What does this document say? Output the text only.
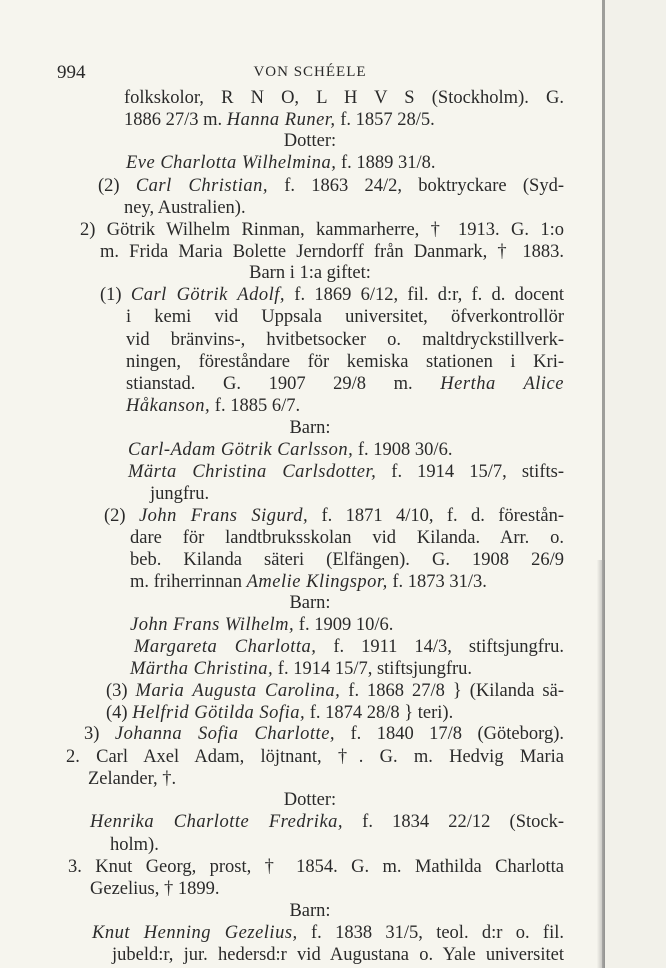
994	VON SCHÉELE
folkskolor, R N O, L H V S (Stockholm). G.
1886 27/3 m. Hanna Runer, f. 1857 28/5.
Dotter:
Eve Charlotta Wilhelmina, f. 1889 31/8.
(2) Carl Christian, f. 1863 24/2, boktryckare (Syd-
ney, Australien).
2) Götrik Wilhelm Rinman, kammarherre, † 1913. G. 1:o
m. Frida Maria Bolette Jerndorff från Danmark, † 1883.
Barn i 1:a giftet:
(1) Carl Götrik Adolf, f. 1869 6/12, fil. d:r, f. d. docent
i kemi vid Uppsala universitet, öfverkontrollör
vid bränvins-, hvitbetsocker o. maltdryckstillverk-
ningen, föreståndare för kemiska stationen i Kri-
stianstad. G. 1907 29/8 m. Hertha Alice
Håkanson, f. 1885 6/7.
Barn:
Carl-Adam Götrik Carlsson, f. 1908 30/6.
Märta Christina Carlsdotter, f. 1914 15/7, stifts-
jungfru.
(2) John Frans Sigurd, f. 1871 4/10, f. d. förestån-
dare för landtbruksskolan vid Kilanda. Arr. o.
beb. Kilanda säteri (Elfängen). G. 1908 26/9
m. friherrinnan Amelie Klingspor, f. 1873 31/3.
Barn:
John Frans Wilhelm, f. 1909 10/6.
Margareta Charlotta, f. 1911 14/3, stiftsjungfru.
Märtha Christina, f. 1914 15/7, stiftsjungfru.
(3) Maria Augusta Carolina, f. 1868 27/8 } (Kilanda sä-
(4) Helfrid Götilda Sofia, f. 1874 28/8 } teri).
3) Johanna Sofia Charlotte, f. 1840 17/8 (Göteborg).
2. Carl Axel Adam, löjtnant, †. G. m. Hedvig Maria
Zelander, †.
Dotter:
Henrika Charlotte Fredrika, f. 1834 22/12 (Stock-
holm).
3. Knut Georg, prost, † 1854. G. m. Mathilda Charlotta
Gezelius, † 1899.
Barn:
Knut Henning Gezelius, f. 1838 31/5, teol. d:r o. fil.
jubeld:r, jur. hedersd:r vid Augustana o. Yale universitet
